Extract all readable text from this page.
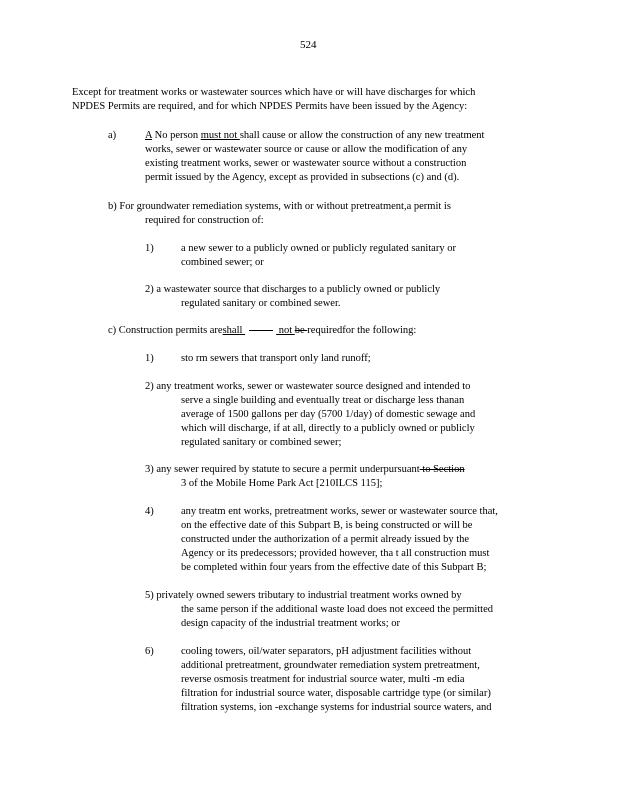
524
Except for treatment works or wastewater sources which have or will have discharges for which
NPDES Permits are required, and for which NPDES Permits have been issued by the Agency:
a)	A No person must not shall cause or allow the construction of any new treatment
works, sewer or wastewater source or cause or allow the modification of any
existing treatment works, sewer or wastewater source without a construction
permit issued by the Agency, except as provided in subsections (c) and (d).
b) For groundwater remediation systems, with or without pretreatment,a permit is
required for construction of:
1)	a new sewer to a publicly owned or publicly regulated sanitary or
combined sewer; or
2) a wastewater source that discharges to a publicly owned or publicly
regulated sanitary or combined sewer.
c) Construction permits areshall	not be requiredfor the following:
1)	sto rm sewers that transport only land runoff;
2) any treatment works, sewer or wastewater source designed and intended to
serve a single building and eventually treat or discharge less thanan
average of 1500 gallons per day (5700 1/day) of domestic sewage and
which will discharge, if at all, directly to a publicly owned or publicly
regulated sanitary or combined sewer;
3) any sewer required by statute to secure a permit underpursuant to Section
3 of the Mobile Home Park Act [210ILCS 115];
4)	any treatm ent works, pretreatment works, sewer or wastewater source that,
on the effective date of this Subpart B, is being constructed or will be
constructed under the authorization of a permit already issued by the
Agency or its predecessors; provided however, tha t all construction must
be completed within four years from the effective date of this Subpart B;
5) privately owned sewers tributary to industrial treatment works owned by
the same person if the additional waste load does not exceed the permitted
design capacity of the industrial treatment works; or
6)	cooling towers, oil/water separators, pH adjustment facilities without
additional pretreatment, groundwater remediation system pretreatment,
reverse osmosis treatment for industrial source water, multi -m edia
filtration for industrial source water, disposable cartridge type (or similar)
filtration systems, ion -exchange systems for industrial source waters, and
